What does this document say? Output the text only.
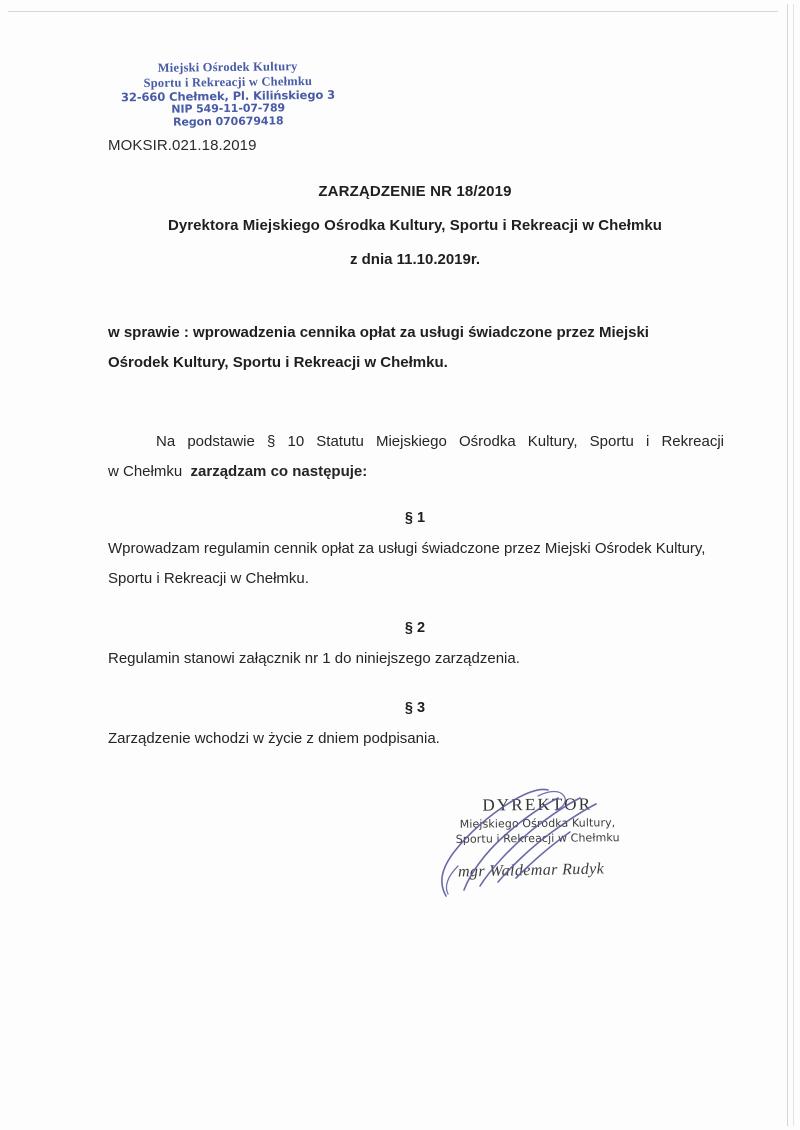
Miejski Ośrodek Kultury
Sportu i Rekreacji w Chełmku
32-660 Chełmek, Pl. Kilińskiego 3
NIP 549-11-07-789
Regon 070679418
MOKSIR.021.18.2019
ZARZĄDZENIE NR 18/2019
Dyrektora Miejskiego Ośrodka Kultury, Sportu i Rekreacji w Chełmku
z dnia 11.10.2019r.
w sprawie : wprowadzenia cennika opłat za usługi świadczone przez Miejski
Ośrodek Kultury, Sportu i Rekreacji w Chełmku.
Na podstawie § 10 Statutu Miejskiego Ośrodka Kultury, Sportu i Rekreacji
w Chełmku zarządzam co następuje:
§ 1
Wprowadzam regulamin cennik opłat za usługi świadczone przez Miejski Ośrodek Kultury,
Sportu i Rekreacji w Chełmku.
§ 2
Regulamin stanowi załącznik nr 1 do niniejszego zarządzenia.
§ 3
Zarządzenie wchodzi w życie z dniem podpisania.
DYREKTOR
Miejskiego Ośrodka Kultury,
Sportu i Rekreacji w Chełmku
mgr Waldemar Rudyk
